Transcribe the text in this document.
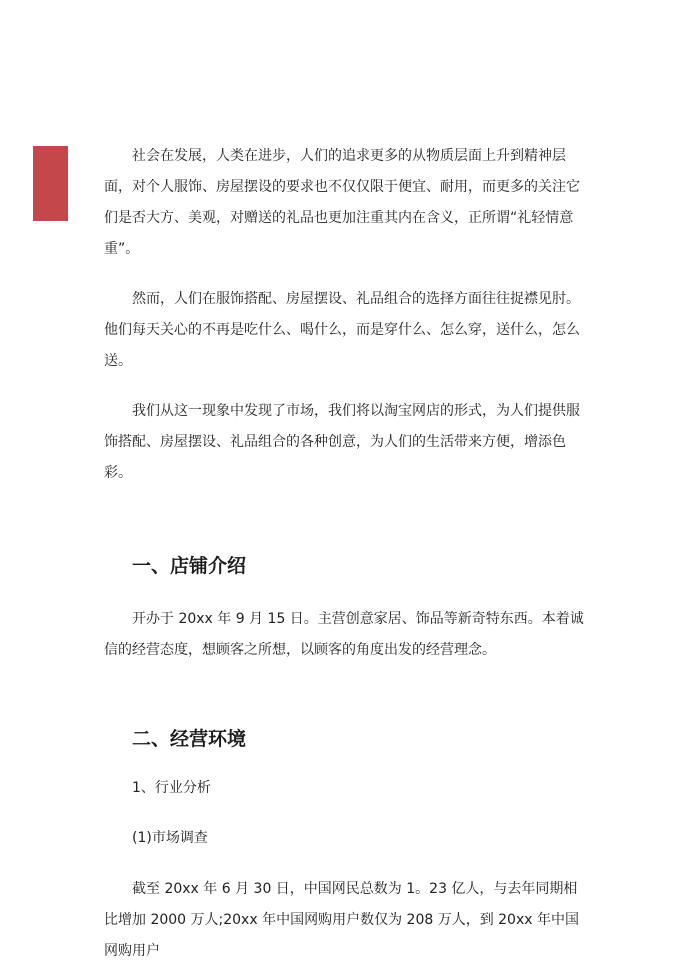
社会在发展，人类在进步，人们的追求更多的从物质层面上升到精神层面，对个人服饰、房屋摆设的要求也不仅仅限于便宜、耐用，而更多的关注它们是否大方、美观，对赠送的礼品也更加注重其内在含义，正所谓“礼轻情意重”。

然而，人们在服饰搭配、房屋摆设、礼品组合的选择方面往往捉襟见肘。他们每天关心的不再是吃什么、喝什么，而是穿什么、怎么穿，送什么，怎么送。

我们从这一现象中发现了市场，我们将以淘宝网店的形式，为人们提供服饰搭配、房屋摆设、礼品组合的各种创意，为人们的生活带来方便，增添色彩。

一、店铺介绍

开办于 20xx 年 9 月 15 日。主营创意家居、饰品等新奇特东西。本着诚信的经营态度，想顾客之所想，以顾客的角度出发的经营理念。

二、经营环境

1、行业分析

(1)市场调查

截至 20xx 年 6 月 30 日，中国网民总数为 1。23 亿人，与去年同期相比增加 2000 万人;20xx 年中国网购用户数仅为 208 万人，到 20xx 年中国网购用户
